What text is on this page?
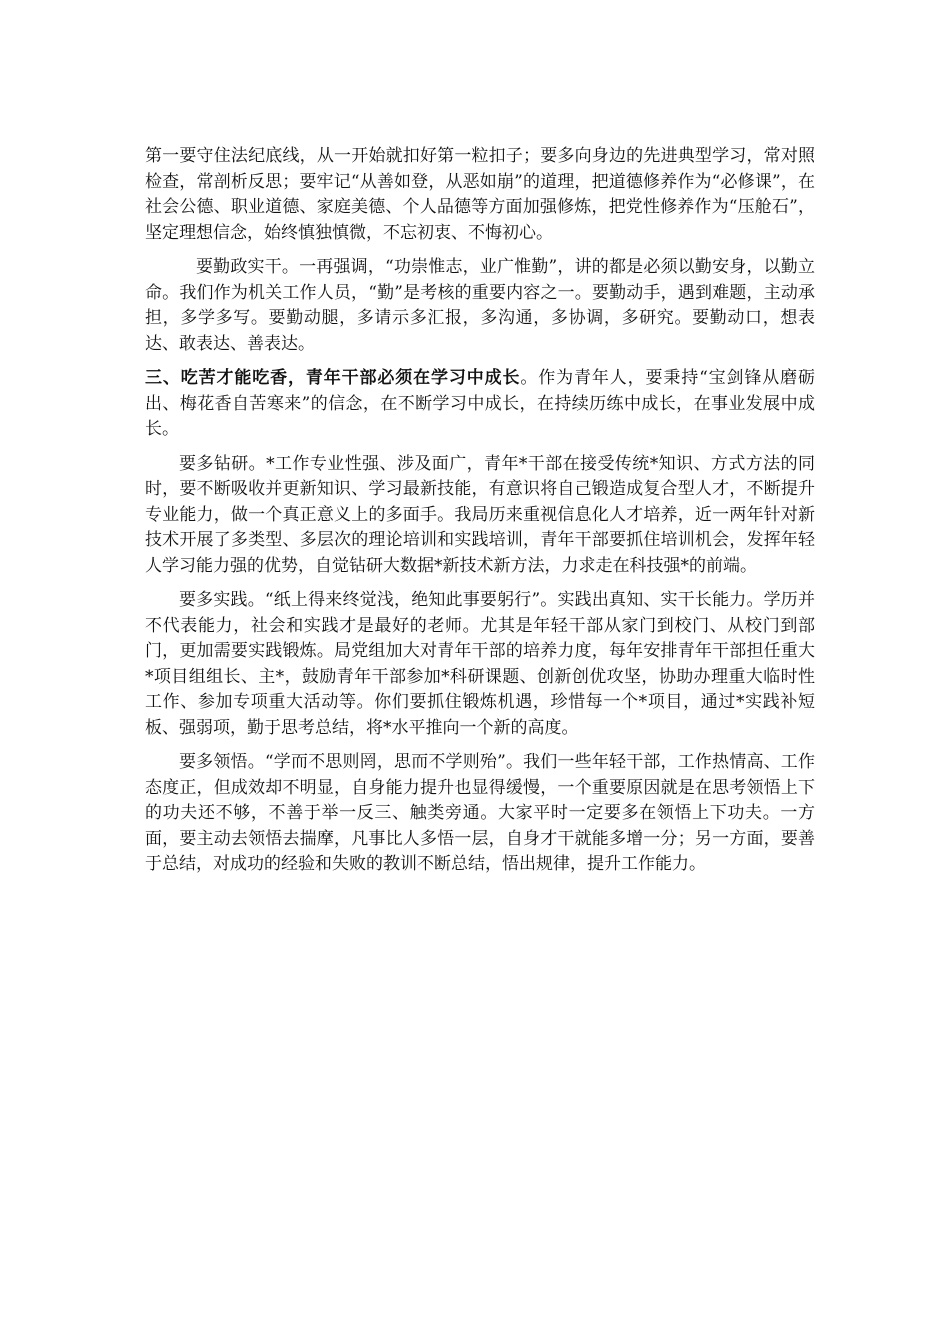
第一要守住法纪底线，从一开始就扣好第一粒扣子；要多向身边的先进典型学习，常对照检查，常剖析反思；要牢记“从善如登，从恶如崩”的道理，把道德修养作为“必修课”，在社会公德、职业道德、家庭美德、个人品德等方面加强修炼，把党性修养作为“压舱石”，坚定理想信念，始终慎独慎微，不忘初衷、不悔初心。

要勤政实干。一再强调，“功崇惟志，业广惟勤”，讲的都是必须以勤安身，以勤立命。我们作为机关工作人员，“勤”是考核的重要内容之一。要勤动手，遇到难题，主动承担，多学多写。要勤动腿，多请示多汇报，多沟通，多协调，多研究。要勤动口，想表达、敢表达、善表达。

三、吃苦才能吃香，青年干部必须在学习中成长。作为青年人，要秉持“宝剑锋从磨砺出、梅花香自苦寒来”的信念，在不断学习中成长，在持续历练中成长，在事业发展中成长。

要多钻研。*工作专业性强、涉及面广，青年*干部在接受传统*知识、方式方法的同时，要不断吸收并更新知识、学习最新技能，有意识将自己锻造成复合型人才，不断提升专业能力，做一个真正意义上的多面手。我局历来重视信息化人才培养，近一两年针对新技术开展了多类型、多层次的理论培训和实践培训，青年干部要抓住培训机会，发挥年轻人学习能力强的优势，自觉钻研大数据*新技术新方法，力求走在科技强*的前端。

要多实践。“纸上得来终觉浅，绝知此事要躬行”。实践出真知、实干长能力。学历并不代表能力，社会和实践才是最好的老师。尤其是年轻干部从家门到校门、从校门到部门，更加需要实践锻炼。局党组加大对青年干部的培养力度，每年安排青年干部担任重大*项目组组长、主*，鼓励青年干部参加*科研课题、创新创优攻坚，协助办理重大临时性工作、参加专项重大活动等。你们要抓住锻炼机遇，珍惜每一个*项目，通过*实践补短板、强弱项，勤于思考总结，将*水平推向一个新的高度。

要多领悟。“学而不思则罔，思而不学则殆”。我们一些年轻干部，工作热情高、工作态度正，但成效却不明显，自身能力提升也显得缓慢，一个重要原因就是在思考领悟上下的功夫还不够，不善于举一反三、触类旁通。大家平时一定要多在领悟上下功夫。一方面，要主动去领悟去揣摩，凡事比人多悟一层，自身才干就能多增一分；另一方面，要善于总结，对成功的经验和失败的教训不断总结，悟出规律，提升工作能力。
